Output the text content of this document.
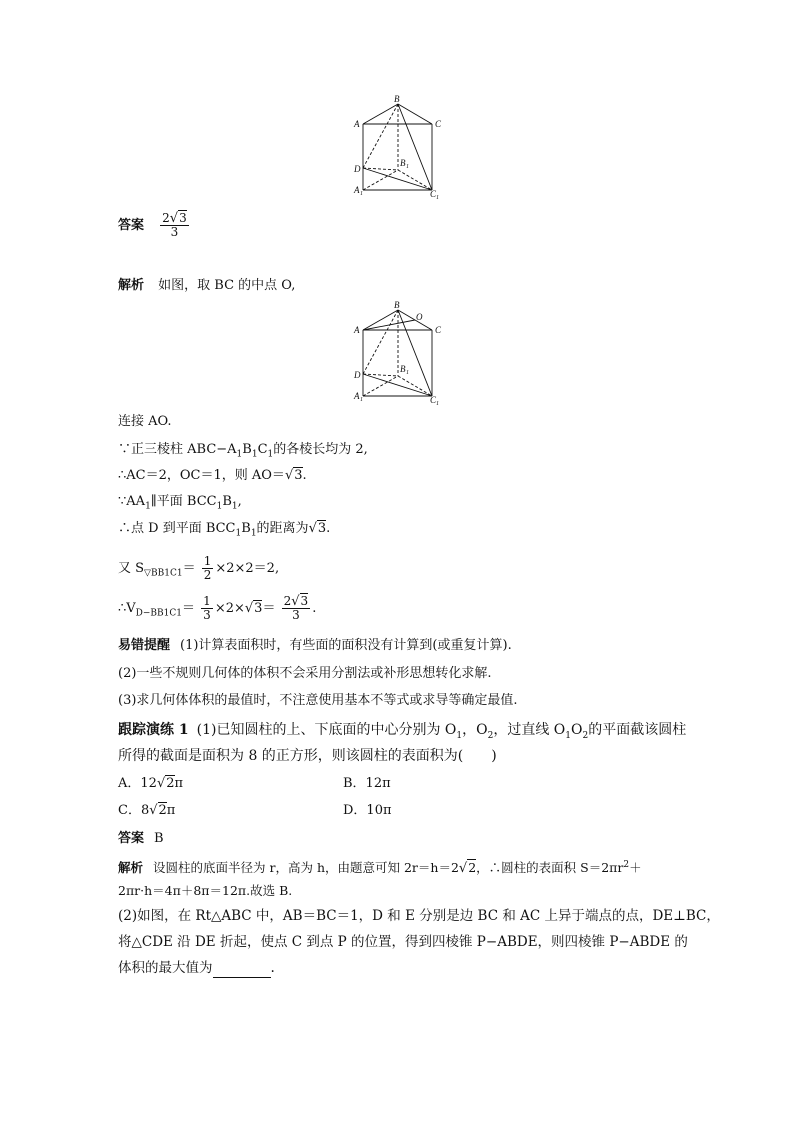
B
A	C
D
B 1
A 1	C 1
答案 $\frac{2√3}{3}$
解析 如图，取 BC 的中点 O,
B
O
A	C
D
B 1
A 1	C 1
连接 AO.
∵正三棱柱 $ABC-A_1B_1C_1$的各棱长均为 2,
∴AC＝2，OC＝1，则 AO＝√3.
$\because AA_1\parallel$平面 $BCC_1B_1$,
∴点 D 到平面 $BCC_1B_1$的距离为√3.
又 $S_{▽BB1C1}= \frac{1}{2} \times 2\times 2=2$,
$\therefore V_{D-BB1C1}= \frac{1}{3} \times 2\times√3= \frac{2√3}{3}$ .
易错提醒 (1)计算表面积时，有些面的面积没有计算到(或重复计算).
(2)一些不规则几何体的体积不会采用分割法或补形思想转化求解.
(3)求几何体体积的最值时，不注意使用基本不等式或求导等确定最值.
跟踪演练 1 (1)已知圆柱的上、下底面的中心分别为 $O_1$，$O_2$，过直线 $O_1O_2$的平面截该圆柱
所得的截面是面积为 8 的正方形，则该圆柱的表面积为(　　)
A．12√2π	B．12π
C．8√2π	D．10π
答案 B
解析 设圆柱的底面半径为 r，高为 h，由题意可知 2r＝h＝2√2，∴圆柱的表面积 $S=2\pi r^2+$
2πr·h＝4π＋8π＝12π.故选 B.
(2)如图，在 Rt△ABC 中，AB＝BC＝1，D 和 E 分别是边 BC 和 AC 上异于端点的点，DE⊥BC，
将△CDE 沿 DE 折起，使点 C 到点 P 的位置，得到四棱锥 P−ABDE，则四棱锥 P−ABDE 的
体积的最大值为	.
